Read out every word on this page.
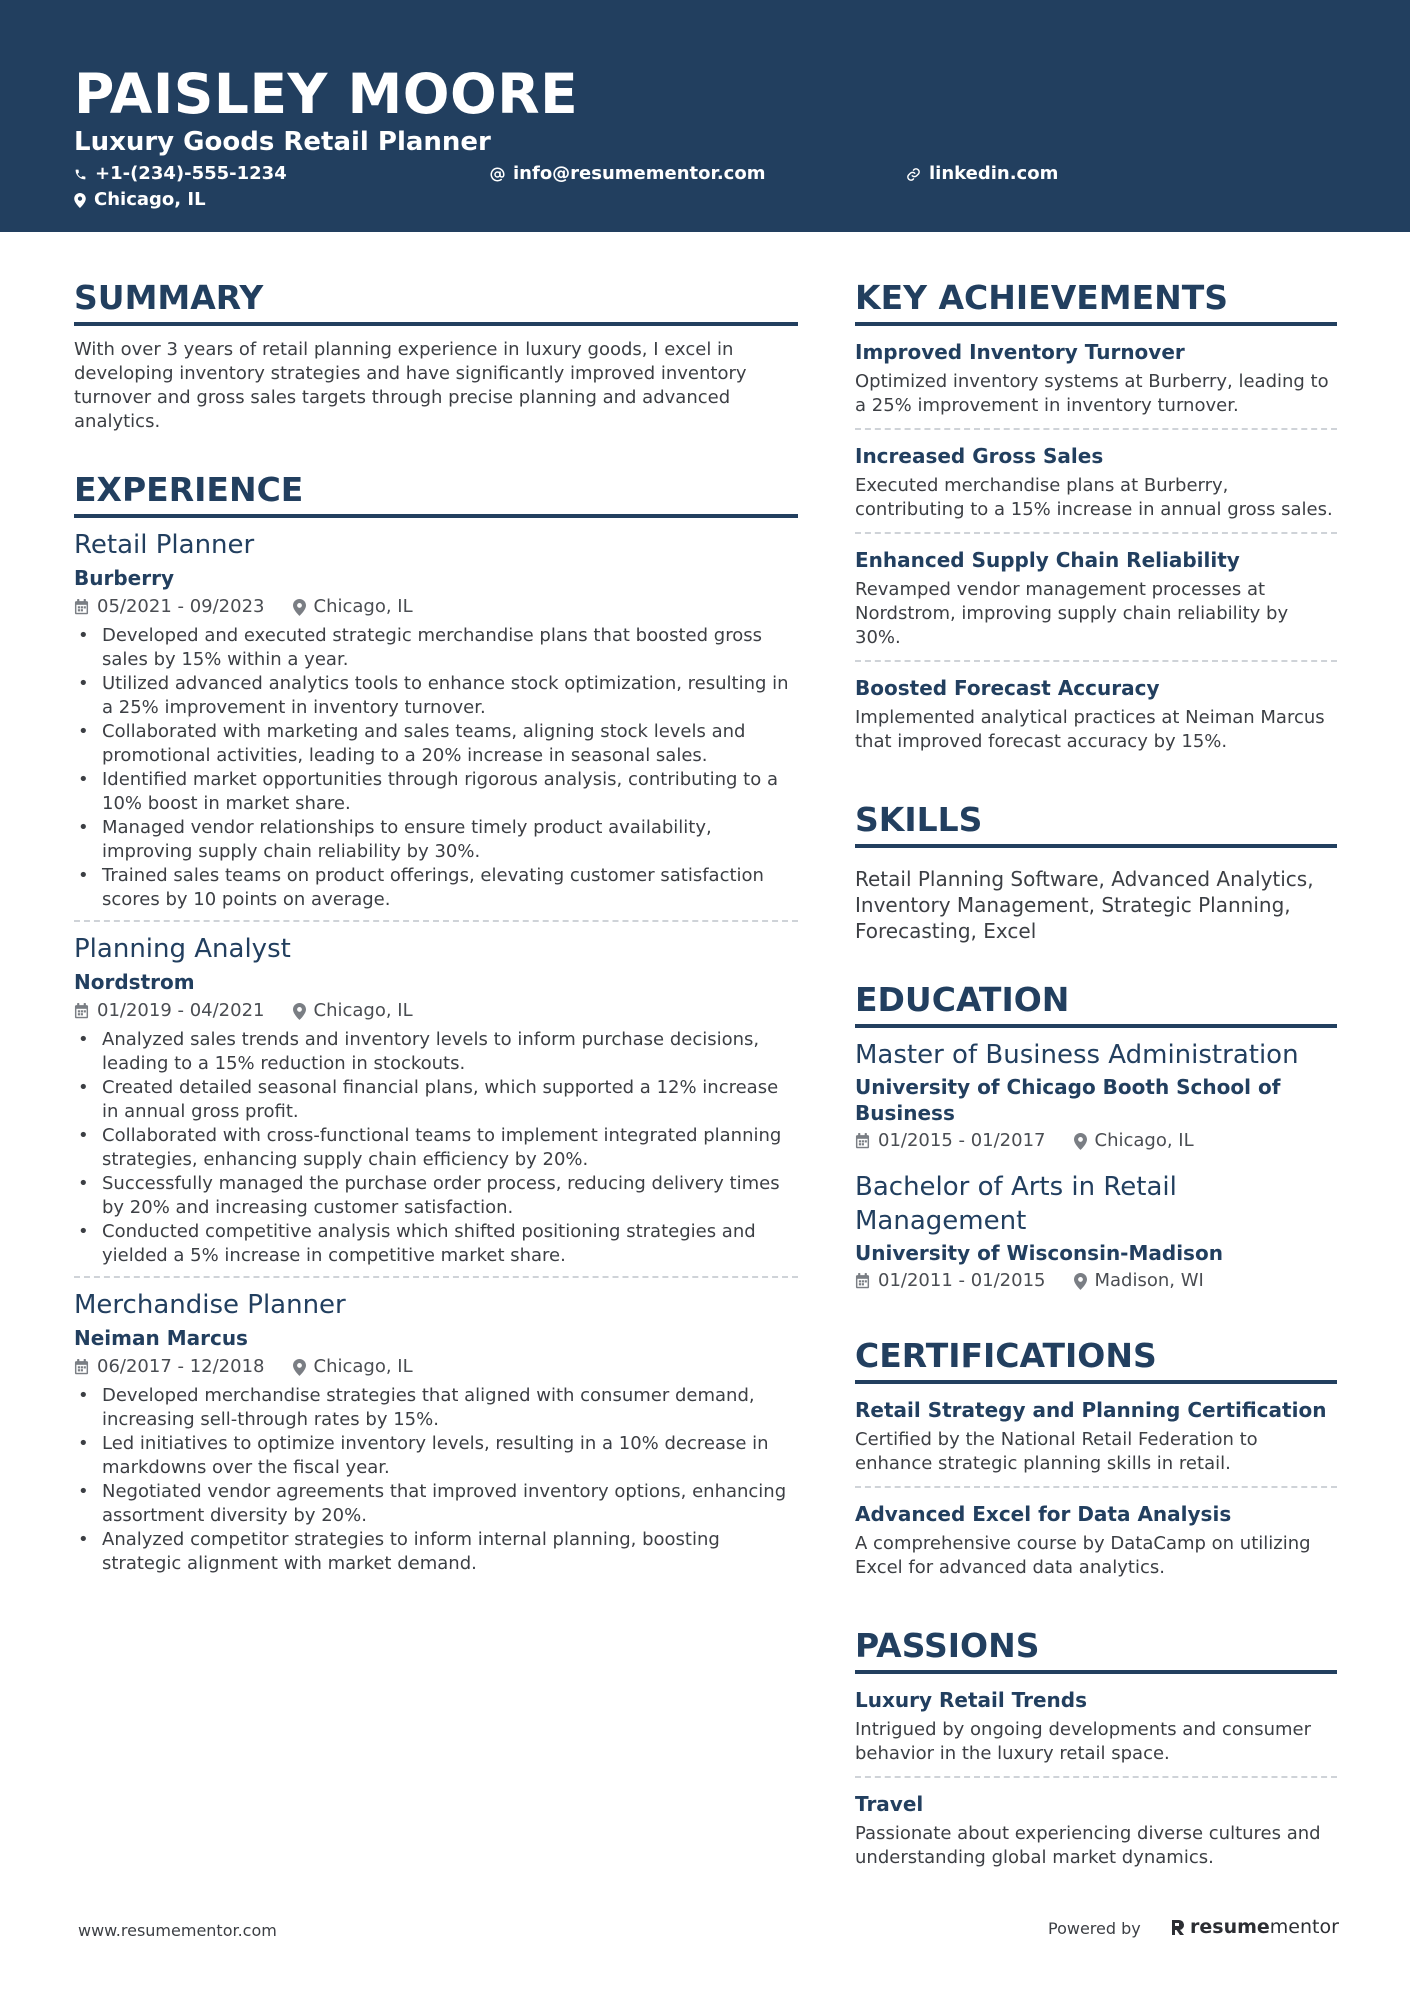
PAISLEY MOORE
Luxury Goods Retail Planner
+1-(234)-555-1234	info@resumementor.com	linkedin.com
Chicago, IL
SUMMARY
With over 3 years of retail planning experience in luxury goods, I excel in developing inventory strategies and have significantly improved inventory turnover and gross sales targets through precise planning and advanced analytics.
EXPERIENCE
Retail Planner
Burberry
05/2021 - 09/2023	Chicago, IL
• Developed and executed strategic merchandise plans that boosted gross sales by 15% within a year.
• Utilized advanced analytics tools to enhance stock optimization, resulting in a 25% improvement in inventory turnover.
• Collaborated with marketing and sales teams, aligning stock levels and promotional activities, leading to a 20% increase in seasonal sales.
• Identified market opportunities through rigorous analysis, contributing to a 10% boost in market share.
• Managed vendor relationships to ensure timely product availability, improving supply chain reliability by 30%.
• Trained sales teams on product offerings, elevating customer satisfaction scores by 10 points on average.
Planning Analyst
Nordstrom
01/2019 - 04/2021	Chicago, IL
• Analyzed sales trends and inventory levels to inform purchase decisions, leading to a 15% reduction in stockouts.
• Created detailed seasonal financial plans, which supported a 12% increase in annual gross profit.
• Collaborated with cross-functional teams to implement integrated planning strategies, enhancing supply chain efficiency by 20%.
• Successfully managed the purchase order process, reducing delivery times by 20% and increasing customer satisfaction.
• Conducted competitive analysis which shifted positioning strategies and yielded a 5% increase in competitive market share.
Merchandise Planner
Neiman Marcus
06/2017 - 12/2018	Chicago, IL
• Developed merchandise strategies that aligned with consumer demand, increasing sell-through rates by 15%.
• Led initiatives to optimize inventory levels, resulting in a 10% decrease in markdowns over the fiscal year.
• Negotiated vendor agreements that improved inventory options, enhancing assortment diversity by 20%.
• Analyzed competitor strategies to inform internal planning, boosting strategic alignment with market demand.
KEY ACHIEVEMENTS
Improved Inventory Turnover
Optimized inventory systems at Burberry, leading to a 25% improvement in inventory turnover.
Increased Gross Sales
Executed merchandise plans at Burberry, contributing to a 15% increase in annual gross sales.
Enhanced Supply Chain Reliability
Revamped vendor management processes at Nordstrom, improving supply chain reliability by 30%.
Boosted Forecast Accuracy
Implemented analytical practices at Neiman Marcus that improved forecast accuracy by 15%.
SKILLS
Retail Planning Software, Advanced Analytics, Inventory Management, Strategic Planning, Forecasting, Excel
EDUCATION
Master of Business Administration
University of Chicago Booth School of Business
01/2015 - 01/2017	Chicago, IL
Bachelor of Arts in Retail Management
University of Wisconsin-Madison
01/2011 - 01/2015	Madison, WI
CERTIFICATIONS
Retail Strategy and Planning Certification
Certified by the National Retail Federation to enhance strategic planning skills in retail.
Advanced Excel for Data Analysis
A comprehensive course by DataCamp on utilizing Excel for advanced data analytics.
PASSIONS
Luxury Retail Trends
Intrigued by ongoing developments and consumer behavior in the luxury retail space.
Travel
Passionate about experiencing diverse cultures and understanding global market dynamics.
www.resumementor.com	Powered by	resume mentor
